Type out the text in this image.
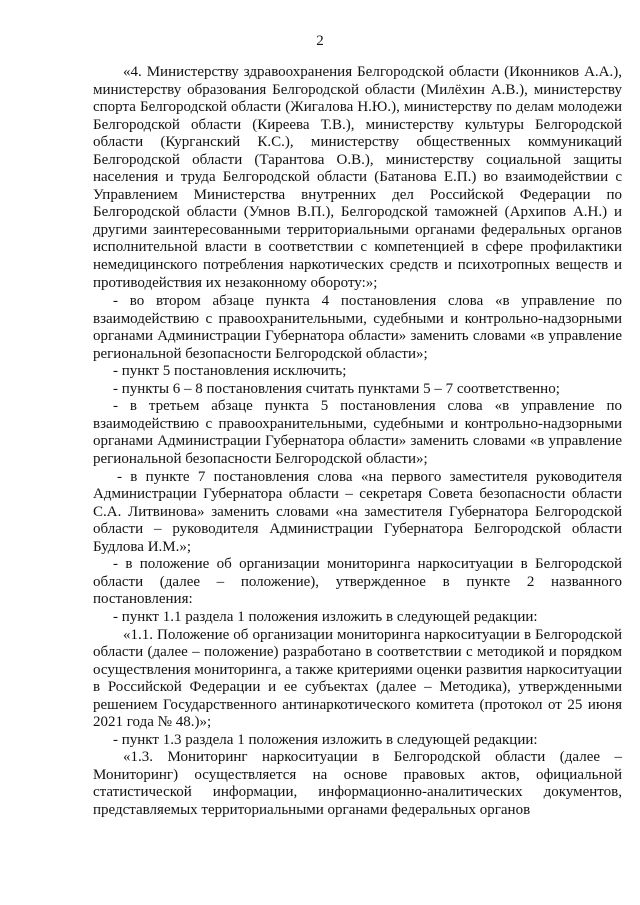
2

«4. Министерству здравоохранения Белгородской области (Иконников А.А.), министерству образования Белгородской области (Милёхин А.В.), министерству спорта Белгородской области (Жигалова Н.Ю.), министерству по делам молодежи Белгородской области (Киреева Т.В.), министерству культуры Белгородской области (Курганский К.С.), министерству общественных коммуникаций Белгородской области (Тарантова О.В.), министерству социальной защиты населения и труда Белгородской области (Батанова Е.П.) во взаимодействии с Управлением Министерства внутренних дел Российской Федерации по Белгородской области (Умнов В.П.), Белгородской таможней (Архипов А.Н.) и другими заинтересованными территориальными органами федеральных органов исполнительной власти в соответствии с компетенцией в сфере профилактики немедицинского потребления наркотических средств и психотропных веществ и противодействия их незаконному обороту:»;

- во втором абзаце пункта 4 постановления слова «в управление по взаимодействию с правоохранительными, судебными и контрольно-надзорными органами Администрации Губернатора области» заменить словами «в управление региональной безопасности Белгородской области»;

- пункт 5 постановления исключить;

- пункты 6 – 8 постановления считать пунктами 5 – 7 соответственно;

- в третьем абзаце пункта 5 постановления слова «в управление по взаимодействию с правоохранительными, судебными и контрольно-надзорными органами Администрации Губернатора области» заменить словами «в управление региональной безопасности Белгородской области»;

- в пункте 7 постановления слова «на первого заместителя руководителя Администрации Губернатора области – секретаря Совета безопасности области С.А. Литвинова» заменить словами «на заместителя Губернатора Белгородской области – руководителя Администрации Губернатора Белгородской области Будлова И.М.»;

- в положение об организации мониторинга наркоситуации в Белгородской области (далее – положение), утвержденное в пункте 2 названного постановления:

- пункт 1.1 раздела 1 положения изложить в следующей редакции:

«1.1. Положение об организации мониторинга наркоситуации в Белгородской области (далее – положение) разработано в соответствии с методикой и порядком осуществления мониторинга, а также критериями оценки развития наркоситуации в Российской Федерации и ее субъектах (далее – Методика), утвержденными решением Государственного антинаркотического комитета (протокол от 25 июня 2021 года № 48.)»;

- пункт 1.3 раздела 1 положения изложить в следующей редакции:

«1.3. Мониторинг наркоситуации в Белгородской области (далее – Мониторинг) осуществляется на основе правовых актов, официальной статистической информации, информационно-аналитических документов, представляемых территориальными органами федеральных органов
